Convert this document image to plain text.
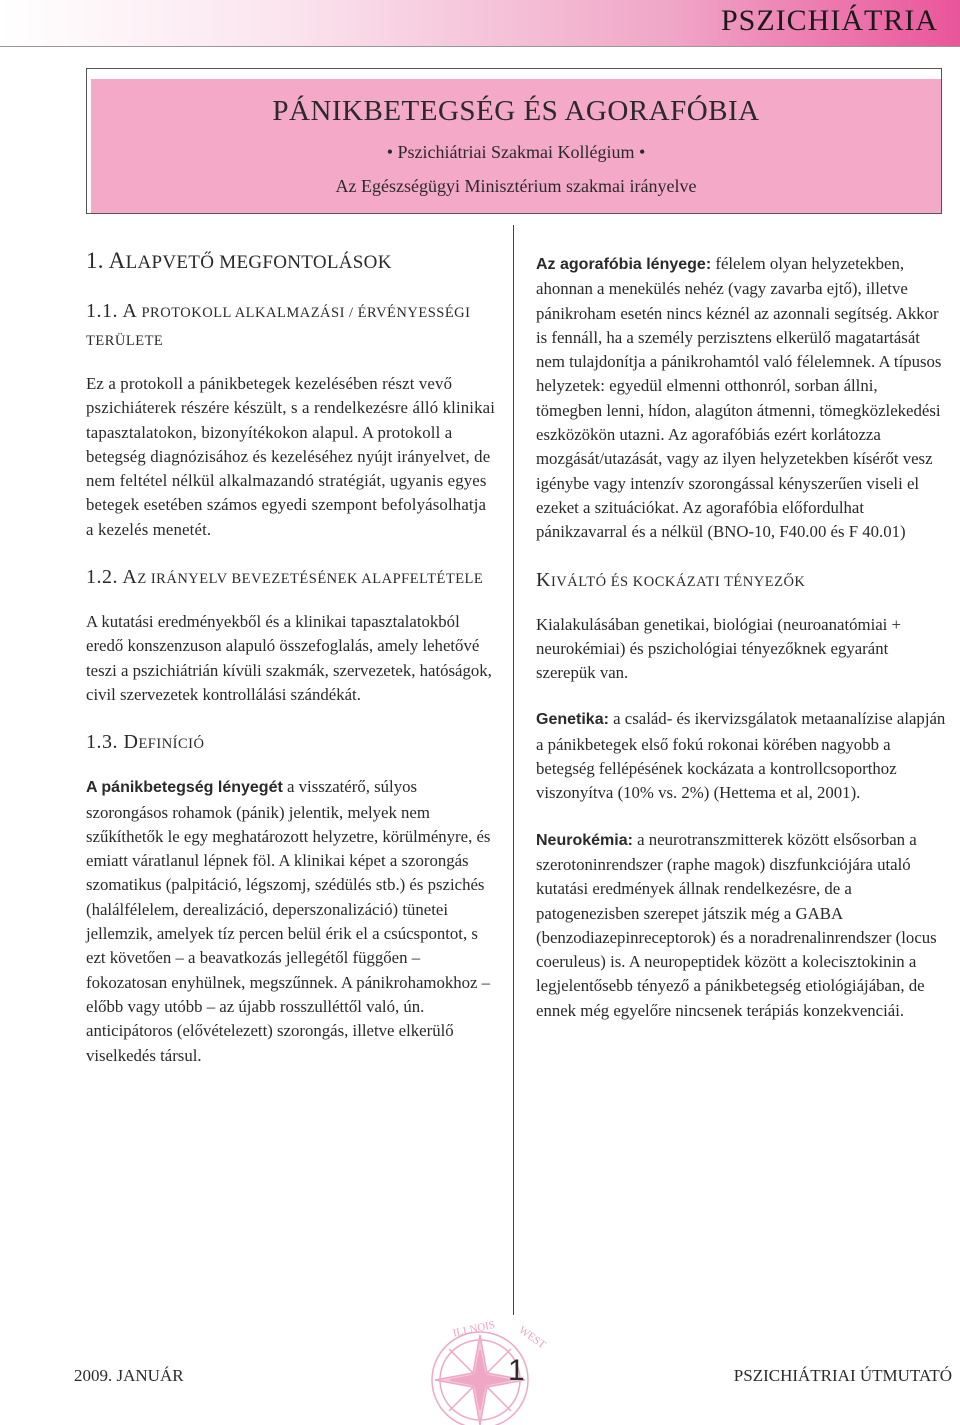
PSZICHIÁTRIA
PÁNIKBETEGSÉG ÉS AGORAFÓBIA
• Pszichiátriai Szakmai Kollégium •
Az Egészségügyi Minisztérium szakmai irányelve
1. ALAPVETŐ MEGFONTOLÁSOK
1.1. A PROTOKOLL ALKALMAZÁSI / ÉRVÉNYESSÉGI TERÜLETE

Ez a protokoll a pánikbetegek kezelésében részt vevő pszichiáterek részére készült, s a rendelkezésre álló klinikai tapasztalatokon, bizonyítékokon alapul. A protokoll a betegség diagnózisához és kezeléséhez nyújt irányelvet, de nem feltétel nélkül alkalmazandó stratégiát, ugyanis egyes betegek esetében számos egyedi szempont befolyásolhatja a kezelés menetét.

1.2. AZ IRÁNYELV BEVEZETÉSÉNEK ALAPFELTÉTELE

A kutatási eredményekből és a klinikai tapasztalatokból eredő konszenzuson alapuló összefoglalás, amely lehetővé teszi a pszichiátrián kívüli szakmák, szervezetek, hatóságok, civil szervezetek kontrollálási szándékát.

1.3. DEFINÍCIÓ

A pánikbetegség lényegét a visszatérő, súlyos szorongásos rohamok (pánik) jelentik, melyek nem szűkíthetők le egy meghatározott helyzetre, körülményre, és emiatt váratlanul lépnek föl. A klinikai képet a szorongás szomatikus (palpitáció, légszomj, szédülés stb.) és pszichés (halálfélelem, derealizáció, deperszonalizáció) tünetei jellemzik, amelyek tíz percen belül érik el a csúcspontot, s ezt követően – a beavatkozás jellegétől függően – fokozatosan enyhülnek, megszűnnek. A pánikrohamokhoz – előbb vagy utóbb – az újabb rosszulléttől való, ún. anticipátoros (elővételezett) szorongás, illetve elkerülő viselkedés társul.

Az agorafóbia lényege: félelem olyan helyzetekben, ahonnan a menekülés nehéz (vagy zavarba ejtő), illetve pánikroham esetén nincs kéznél az azonnali segítség. Akkor is fennáll, ha a személy perzisztens elkerülő magatartását nem tulajdonítja a pánikrohamtól való félelemnek. A típusos helyzetek: egyedül elmenni otthonról, sorban állni, tömegben lenni, hídon, alagúton átmenni, tömegközlekedési eszközökön utazni. Az agorafóbiás ezért korlátozza mozgását/utazását, vagy az ilyen helyzetekben kísérőt vesz igénybe vagy intenzív szorongással kényszerűen viseli el ezeket a szituációkat. Az agorafóbia előfordulhat pánikzavarral és a nélkül (BNO-10, F40.00 és F 40.01)

KIVÁLTÓ ÉS KOCKÁZATI TÉNYEZŐK

Kialakulásában genetikai, biológiai (neuroanatómiai + neurokémiai) és pszichológiai tényezőknek egyaránt szerepük van.

Genetika: a család- és ikervizsgálatok metaanalízise alapján a pánikbetegek első fokú rokonai körében nagyobb a betegség fellépésének kockázata a kontrollcsoporthoz viszonyítva (10% vs. 2%) (Hettema et al, 2001).

Neurokémia: a neurotranszmitterek között elsősorban a szerotoninrendszer (raphe magok) diszfunkciójára utaló kutatási eredmények állnak rendelkezésre, de a patogenezisben szerepet játszik még a GABA (benzodiazepinreceptorok) és a noradrenalinrendszer (locus coeruleus) is. A neuropeptidek között a kolecisztokinin a legjelentősebb tényező a pánikbetegség etiológiájában, de ennek még egyelőre nincsenek terápiás konzekvenciái.

ILLNOIS WEST
2009. JANUÁR	1	PSZICHIÁTRIAI ÚTMUTATÓ
